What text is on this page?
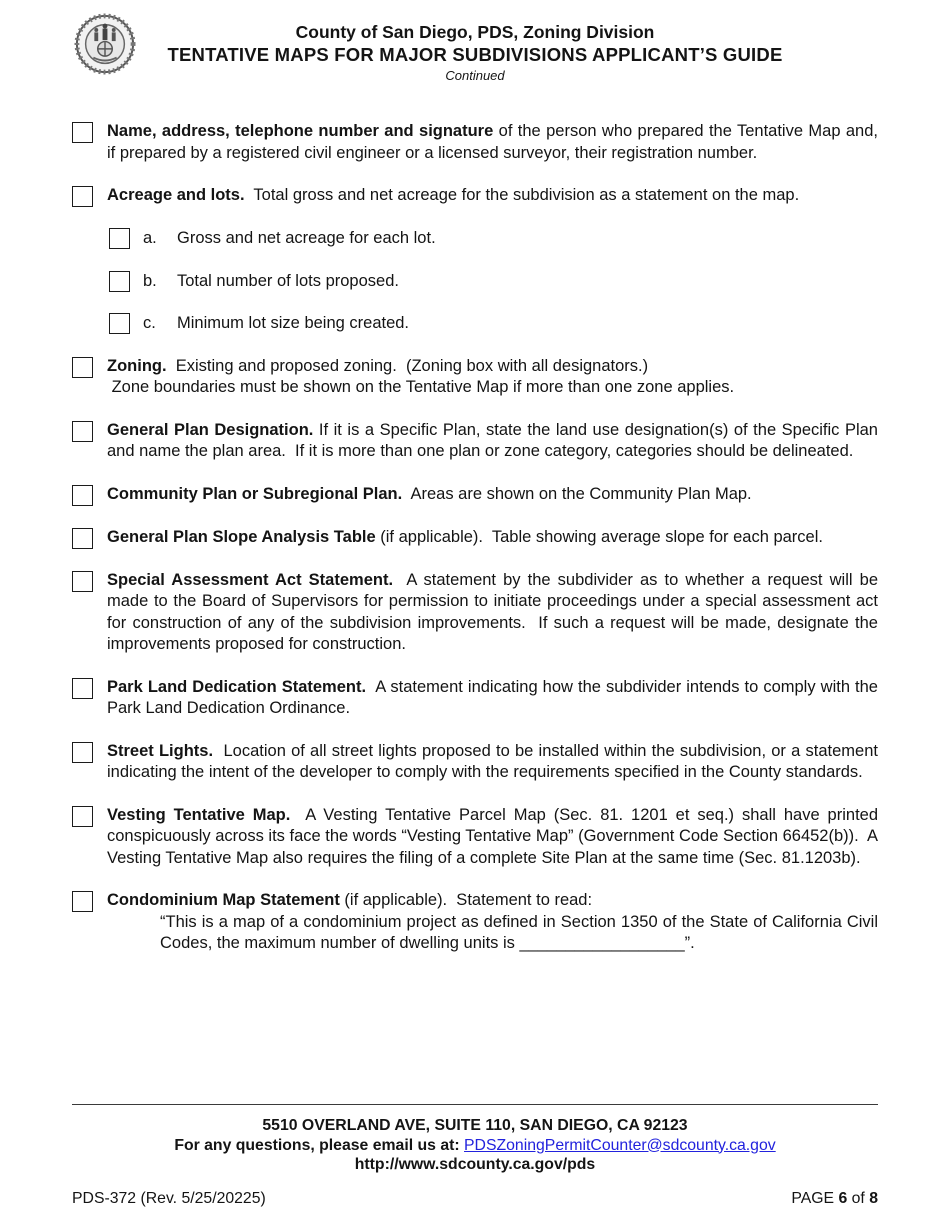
County of San Diego, PDS, Zoning Division
TENTATIVE MAPS FOR MAJOR SUBDIVISIONS APPLICANT’S GUIDE
Continued
Name, address, telephone number and signature of the person who prepared the Tentative Map and, if prepared by a registered civil engineer or a licensed surveyor, their registration number.
Acreage and lots.  Total gross and net acreage for the subdivision as a statement on the map.
a.	Gross and net acreage for each lot.
b.	Total number of lots proposed.
c.	Minimum lot size being created.
Zoning.  Existing and proposed zoning.  (Zoning box with all designators.)
Zone boundaries must be shown on the Tentative Map if more than one zone applies.
General Plan Designation. If it is a Specific Plan, state the land use designation(s) of the Specific Plan and name the plan area.  If it is more than one plan or zone category, categories should be delineated.
Community Plan or Subregional Plan.  Areas are shown on the Community Plan Map.
General Plan Slope Analysis Table (if applicable).  Table showing average slope for each parcel.
Special Assessment Act Statement.  A statement by the subdivider as to whether a request will be made to the Board of Supervisors for permission to initiate proceedings under a special assessment act for construction of any of the subdivision improvements.  If such a request will be made, designate the improvements proposed for construction.
Park Land Dedication Statement.  A statement indicating how the subdivider intends to comply with the Park Land Dedication Ordinance.
Street Lights.  Location of all street lights proposed to be installed within the subdivision, or a statement indicating the intent of the developer to comply with the requirements specified in the County standards.
Vesting Tentative Map.  A Vesting Tentative Parcel Map (Sec. 81. 1201 et seq.) shall have printed conspicuously across its face the words “Vesting Tentative Map” (Government Code Section 66452(b)).  A Vesting Tentative Map also requires the filing of a complete Site Plan at the same time (Sec. 81.1203b).
Condominium Map Statement (if applicable).  Statement to read:
“This is a map of a condominium project as defined in Section 1350 of the State of California Civil Codes, the maximum number of dwelling units is __________________”.
5510 OVERLAND AVE, SUITE 110, SAN DIEGO, CA 92123
For any questions, please email us at: PDSZoningPermitCounter@sdcounty.ca.gov
http://www.sdcounty.ca.gov/pds
PDS-372 (Rev. 5/25/20225)	PAGE 6 of 8
